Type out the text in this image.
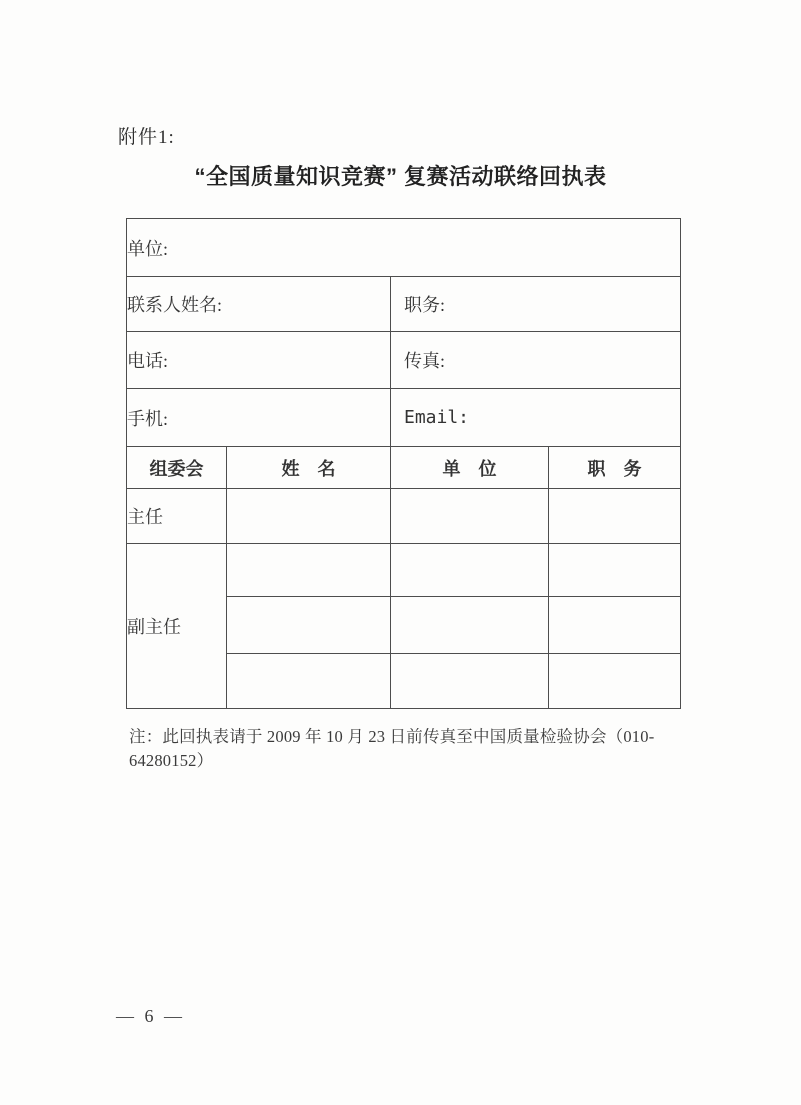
附件1:
“全国质量知识竞赛” 复赛活动联络回执表
单位:			
联系人姓名:		职务:	
电话:		传真:	
手机:		Email:	
组委会	姓　名	单　位	职　务
主任			
副主任			

注：此回执表请于 2009 年 10 月 23 日前传真至中国质量检验协会（010-64280152）
— 6 —
